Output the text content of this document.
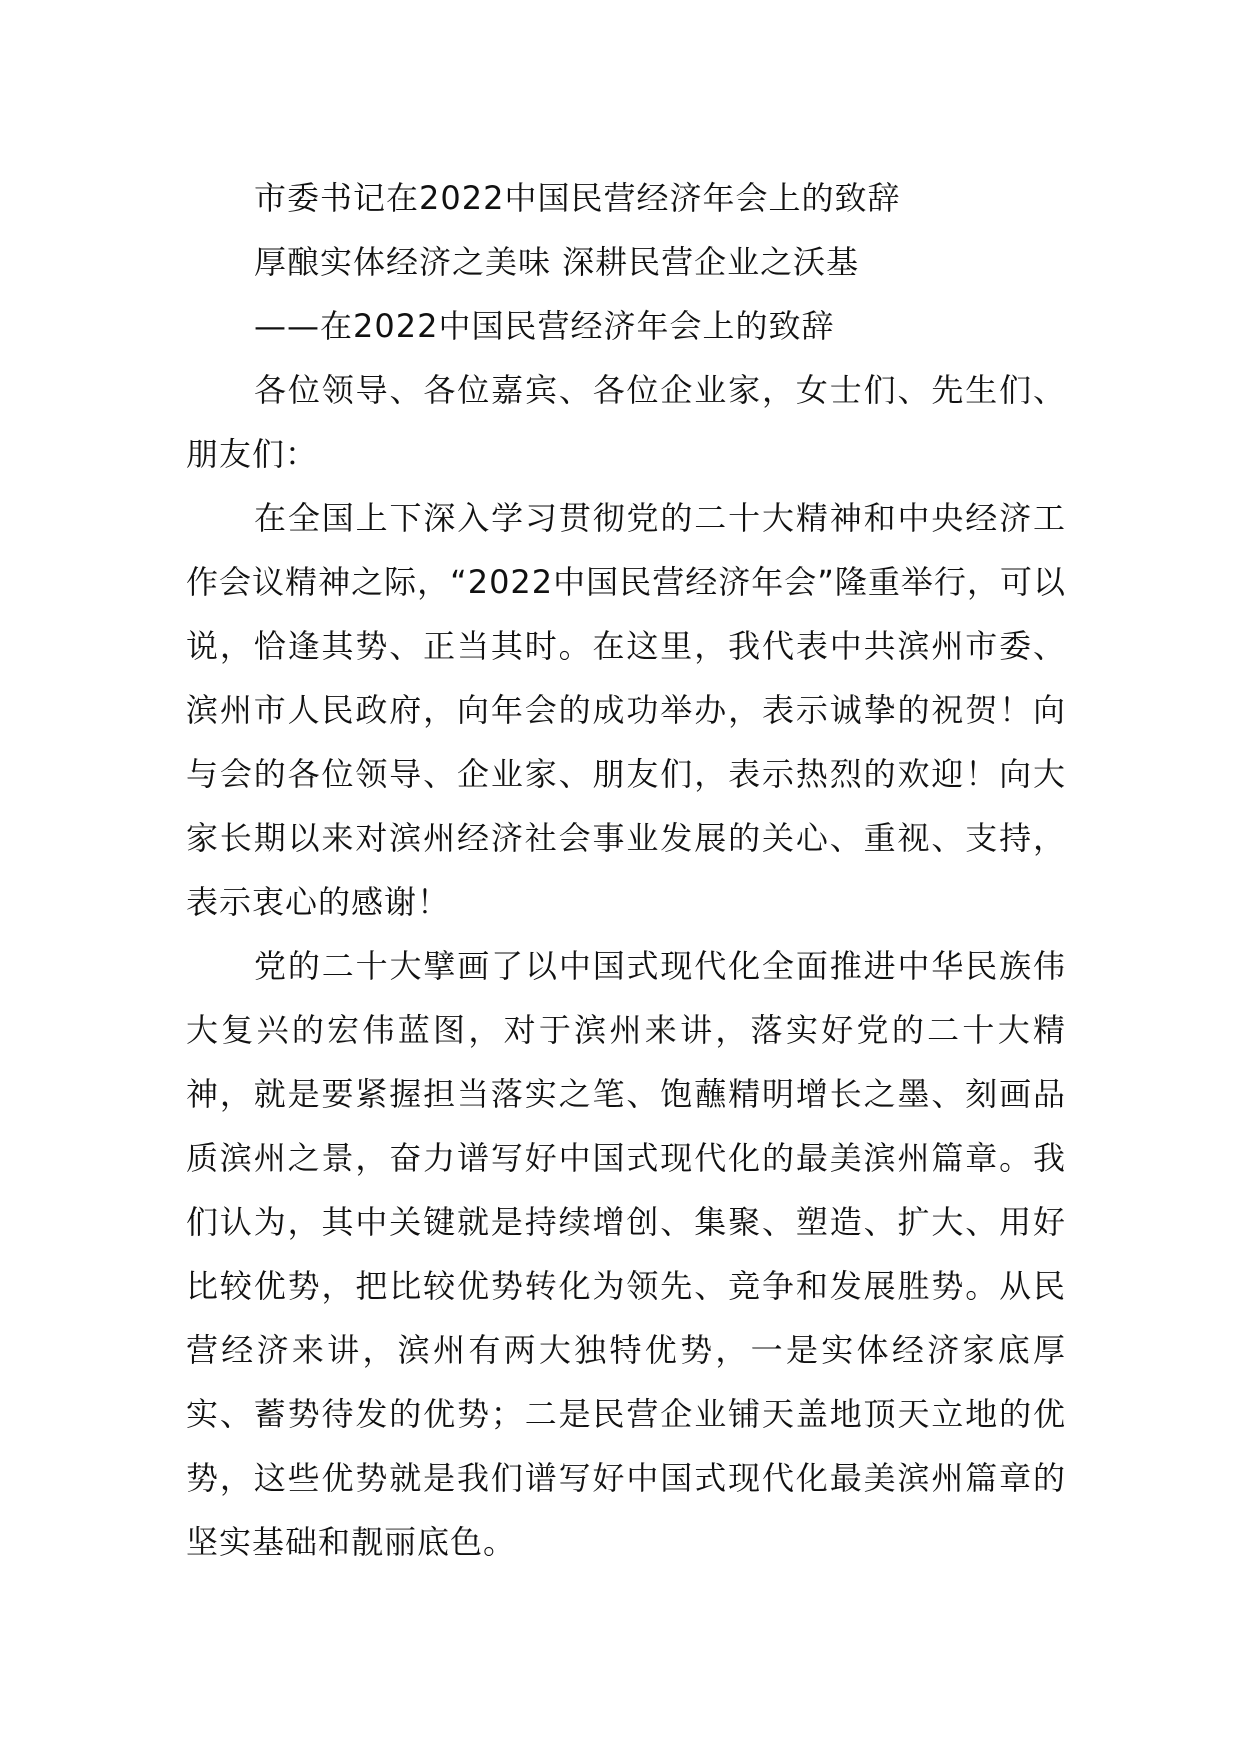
市委书记在2022中国民营经济年会上的致辞

厚酿实体经济之美味 深耕民营企业之沃基

——在2022中国民营经济年会上的致辞

各位领导、各位嘉宾、各位企业家，女士们、先生们、朋友们：

在全国上下深入学习贯彻党的二十大精神和中央经济工作会议精神之际，“2022中国民营经济年会”隆重举行，可以说，恰逢其势、正当其时。在这里，我代表中共滨州市委、滨州市人民政府，向年会的成功举办，表示诚挚的祝贺！向与会的各位领导、企业家、朋友们，表示热烈的欢迎！向大家长期以来对滨州经济社会事业发展的关心、重视、支持，表示衷心的感谢！

党的二十大擘画了以中国式现代化全面推进中华民族伟大复兴的宏伟蓝图，对于滨州来讲，落实好党的二十大精神，就是要紧握担当落实之笔、饱蘸精明增长之墨、刻画品质滨州之景，奋力谱写好中国式现代化的最美滨州篇章。我们认为，其中关键就是持续增创、集聚、塑造、扩大、用好比较优势，把比较优势转化为领先、竞争和发展胜势。从民营经济来讲，滨州有两大独特优势，一是实体经济家底厚实、蓄势待发的优势；二是民营企业铺天盖地顶天立地的优势，这些优势就是我们谱写好中国式现代化最美滨州篇章的坚实基础和靓丽底色。
